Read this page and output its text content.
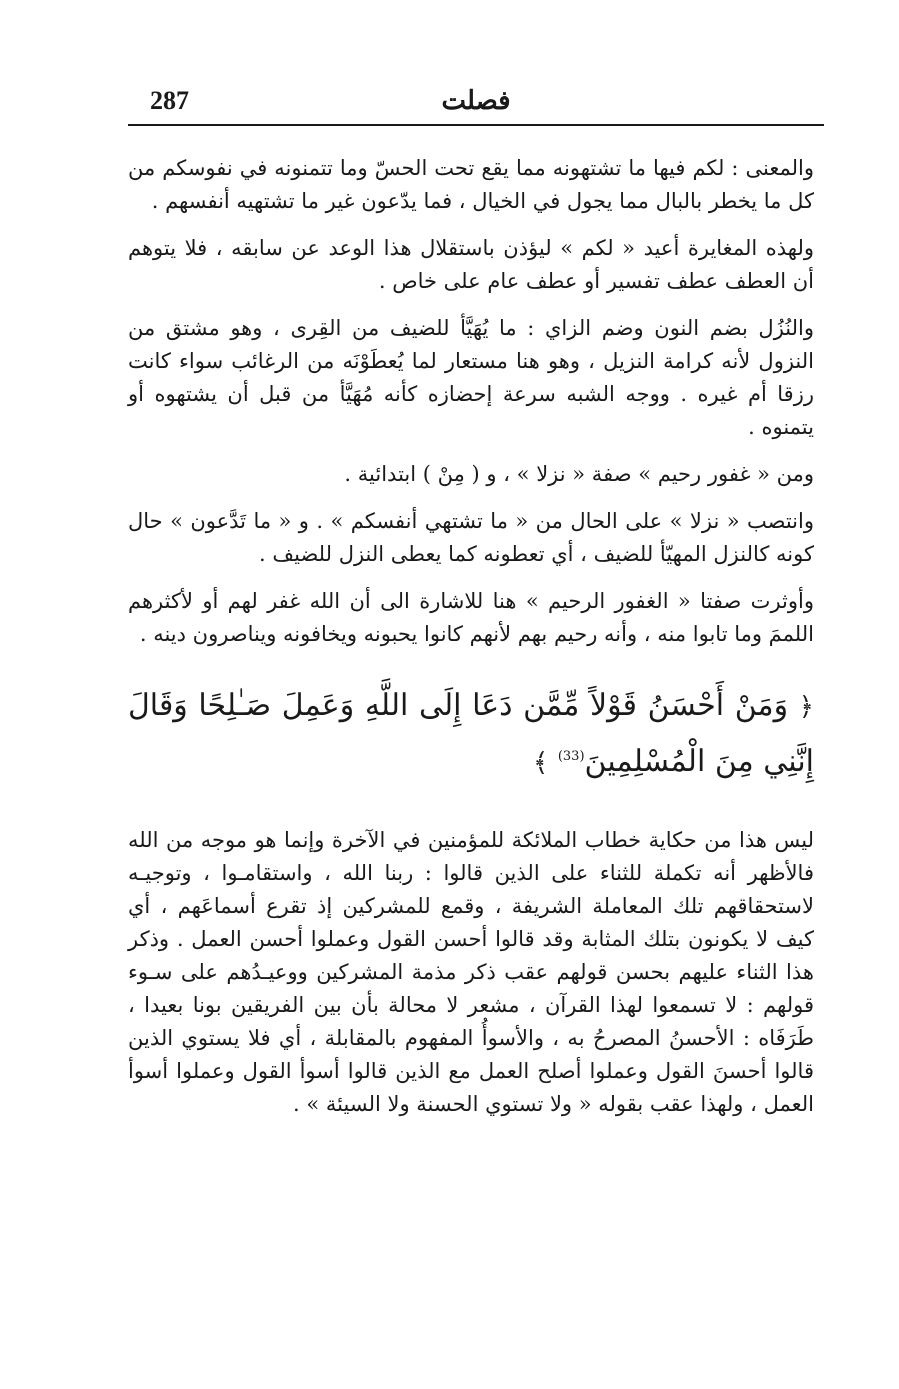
287	فصلت

والمعنى : لكم فيها ما تشتهونه مما يقع تحت الحسّ وما تتمنونه في نفوسكم من كل ما يخطر بالبال مما يجول في الخيال ، فما يدّعون غير ما تشتهيه أنفسهم .

ولهذه المغايرة أعيد « لكم » ليؤذن باستقلال هذا الوعد عن سابقه ، فلا يتوهم أن العطف عطف تفسير أو عطف عام على خاص .

والنُزُل بضم النون وضم الزاي : ما يُهَيَّأ للضيف من القِرى ، وهو مشتق من النزول لأنه كرامة النزيل ، وهو هنا مستعار لما يُعطَوْنَه من الرغائب سواء كانت رزقا أم غيره . ووجه الشبه سرعة إحضازه كأنه مُهَيَّأ من قبل أن يشتهوه أو يتمنوه .

ومن « غفور رحيم » صفة « نزلا » ، و ( مِنْ ) ابتدائية .

وانتصب « نزلا » على الحال من « ما تشتهي أنفسكم » . و « ما تَدَّعون » حال كونه كالنزل المهيّأ للضيف ، أي تعطونه كما يعطى النزل للضيف .

وأوثرت صفتا « الغفور الرحيم » هنا للاشارة الى أن الله غفر لهم أو لأكثرهم اللممَ وما تابوا منه ، وأنه رحيم بهم لأنهم كانوا يحبونه ويخافونه ويناصرون دينه .

﴿ وَمَنْ أَحْسَنُ قَوْلاً مِّمَّن دَعَا إِلَى اللَّهِ وَعَمِلَ صَـٰلِحًا وَقَالَ إِنَّنِي مِنَ الْمُسْلِمِينَ$^{(33)}$ ﴾

ليس هذا من حكاية خطاب الملائكة للمؤمنين في الآخرة وإنما هو موجه من الله فالأظهر أنه تكملة للثناء على الذين قالوا : ربنا الله ، واستقامـوا ، وتوجيـه لاستحقاقهم تلك المعاملة الشريفة ، وقمع للمشركين إذ تقرع أسماعَهم ، أي كيف لا يكونون بتلك المثابة وقد قالوا أحسن القول وعملوا أحسن العمل . وذكر هذا الثناء عليهم بحسن قولهم عقب ذكر مذمة المشركين ووعيـدُهم على سـوء قولهم : لا تسمعوا لهذا القرآن ، مشعر لا محالة بأن بين الفريقين بونا بعيدا ، طَرَفَاه : الأحسنُ المصرحُ به ، والأسوأُ المفهوم بالمقابلة ، أي فلا يستوي الذين قالوا أحسنَ القول وعملوا أصلح العمل مع الذين قالوا أسوأ القول وعملوا أسوأ العمل ، ولهذا عقب بقوله « ولا تستوي الحسنة ولا السيئة » .
